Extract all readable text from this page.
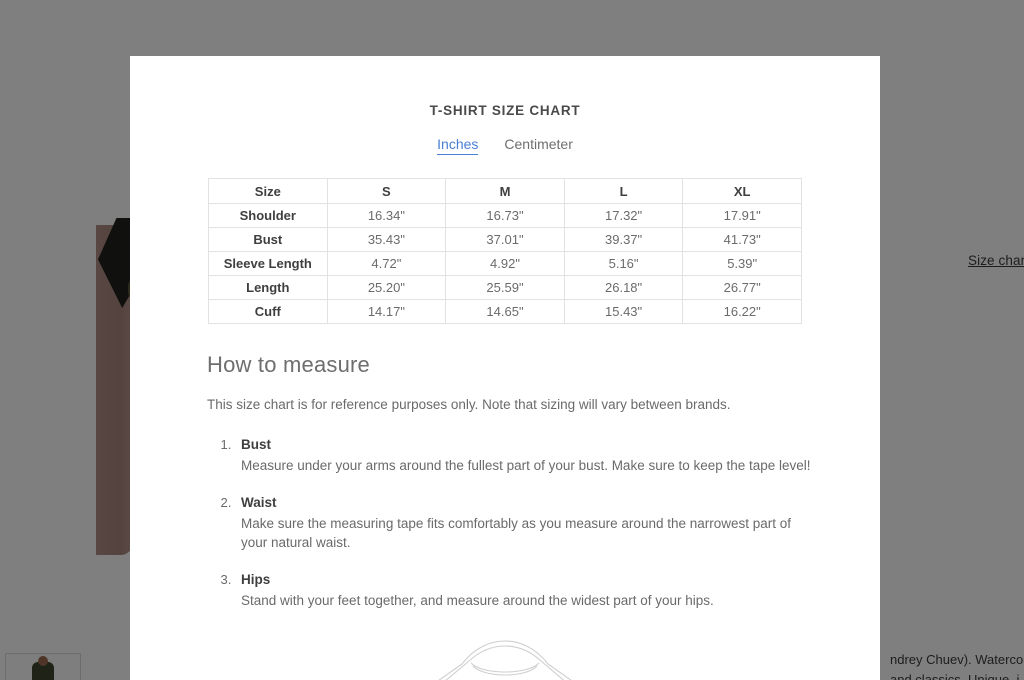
T-SHIRT SIZE CHART
Inches Centimeter
Size	S	M	L	XL
Shoulder	16.34"	16.73"	17.32"	17.91"
Bust	35.43"	37.01"	39.37"	41.73"
Sleeve Length	4.72"	4.92"	5.16"	5.39"
Length	25.20"	25.59"	26.18"	26.77"
Cuff	14.17"	14.65"	15.43"	16.22"
How to measure

This size chart is for reference purposes only. Note that sizing will vary between brands.

1. Bust
Measure under your arms around the fullest part of your bust. Make sure to keep the tape level!
2. Waist
Make sure the measuring tape fits comfortably as you measure around the narrowest part of your natural waist.
3. Hips
Stand with your feet together, and measure around the widest part of your hips.
